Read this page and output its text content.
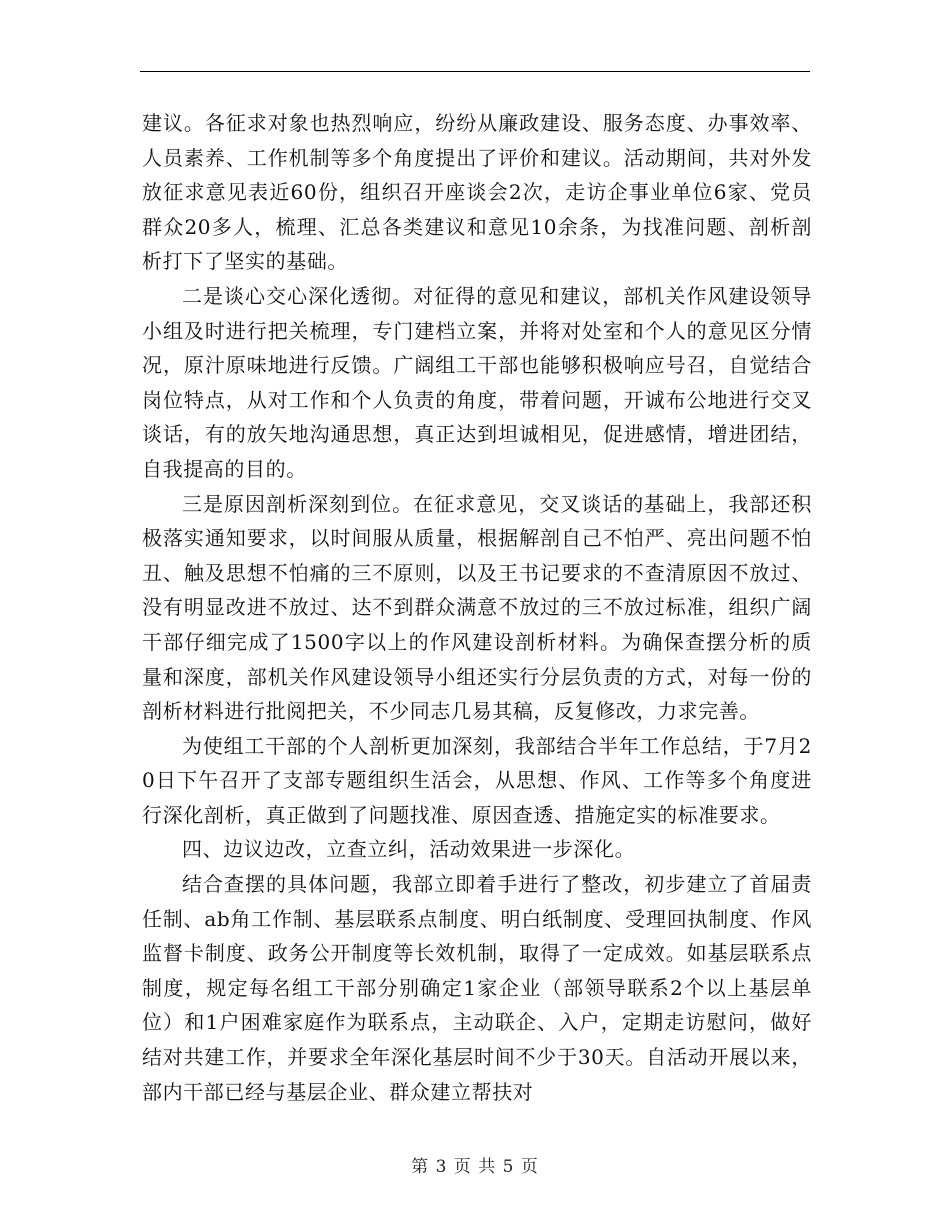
建议。各征求对象也热烈响应，纷纷从廉政建设、服务态度、办事效率、人员素养、工作机制等多个角度提出了评价和建议。活动期间，共对外发放征求意见表近60份，组织召开座谈会2次，走访企事业单位6家、党员群众20多人，梳理、汇总各类建议和意见10余条，为找准问题、剖析剖析打下了坚实的基础。

二是谈心交心深化透彻。对征得的意见和建议，部机关作风建设领导小组及时进行把关梳理，专门建档立案，并将对处室和个人的意见区分情况，原汁原味地进行反馈。广阔组工干部也能够积极响应号召，自觉结合岗位特点，从对工作和个人负责的角度，带着问题，开诚布公地进行交叉谈话，有的放矢地沟通思想，真正达到坦诚相见，促进感情，增进团结，自我提高的目的。

三是原因剖析深刻到位。在征求意见，交叉谈话的基础上，我部还积极落实通知要求，以时间服从质量，根据解剖自己不怕严、亮出问题不怕丑、触及思想不怕痛的三不原则，以及王书记要求的不查清原因不放过、没有明显改进不放过、达不到群众满意不放过的三不放过标准，组织广阔干部仔细完成了1500字以上的作风建设剖析材料。为确保查摆分析的质量和深度，部机关作风建设领导小组还实行分层负责的方式，对每一份的剖析材料进行批阅把关，不少同志几易其稿，反复修改，力求完善。

为使组工干部的个人剖析更加深刻，我部结合半年工作总结，于7月20日下午召开了支部专题组织生活会，从思想、作风、工作等多个角度进行深化剖析，真正做到了问题找准、原因查透、措施定实的标准要求。

四、边议边改，立查立纠，活动效果进一步深化。

结合查摆的具体问题，我部立即着手进行了整改，初步建立了首届责任制、ab角工作制、基层联系点制度、明白纸制度、受理回执制度、作风监督卡制度、政务公开制度等长效机制，取得了一定成效。如基层联系点制度，规定每名组工干部分别确定1家企业（部领导联系2个以上基层单位）和1户困难家庭作为联系点，主动联企、入户，定期走访慰问，做好结对共建工作，并要求全年深化基层时间不少于30天。自活动开展以来，部内干部已经与基层企业、群众建立帮扶对

第 3 页 共 5 页
